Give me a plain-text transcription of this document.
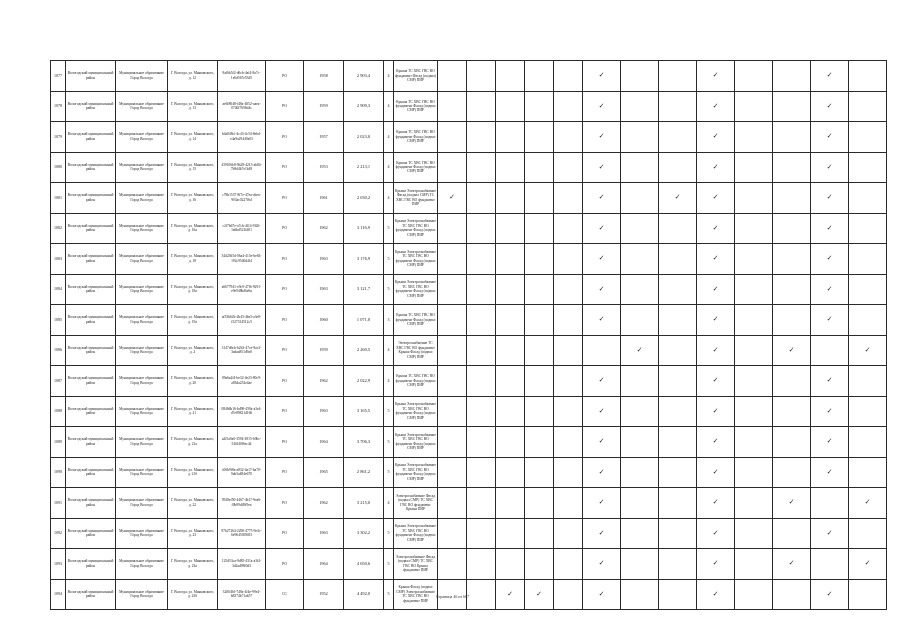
1077	Вологодский муниципальный район	Муниципальное образование Город Вологда	Г. Вологда, ул. Маяковского, д. 12	8af6b5f2-d6cb-4af4-8a7c-1e6d567e53d5	РО	1958	2 903,4	4	Крыша ТС ХВС ГВС ВО фундамент Фасад (подвал) СМР) ПИР						✓			✓			✓		
1078	Вологодский муниципальный район	Муниципальное образование Город Вологда	Г. Вологда, ул. Маяковского, д. 13	ae6f8048-f48a-4052-aaea-0740f7696d4c	РО	1959	2 909,3	4	Крыша ТС ХВС ГВС ВО фундамент Фасад (подвал СМР) ПИР						✓			✓			✓		
1079	Вологодский муниципальный район	Муниципальное образование Город Вологда	Г. Вологда, ул. Маяковского, д. 14	b4a848cf-4c43-4c54-8ebd-e4a9a29449a03	РО	1957	2 023,0	4	Крыша ТС ХВС ГВС ВО фундамент Фасад (подвал СМР) ПИР						✓			✓			✓		
1080	Вологодский муниципальный район	Муниципальное образование Город Вологда	Г. Вологда, ул. Маяковского, д. 15	439106b0-9b28-4213-ab84-7b9d4b7e1b49	РО	1953	2 213,1	4	Крыша ТС ХВС ГВС ВО фундамент Фасад (подвал СМР) ПИР						✓			✓			✓		
1081	Вологодский муниципальный район	Муниципальное образование Город Вологда	Г. Вологда, ул. Маяковского, д. 16	c78b1537-8f7e-47ea-abea-903ac0227f6d	РО	1961	2 030,2	4	Крыша Электроснабжение Фасад (подвал СМР) ТС ХВС ГВС ВО фундамент ПИР	✓					✓		✓	✓			✓		
1082	Вологодский муниципальный район	Муниципальное образование Город Вологда	Г. Вологда, ул. Маяковского, д. 16а	c2f7b67e-a7cb-4f14-9f26-1a6bd521fd01	РО	1962	3 116,9	5	Крыша Электроснабжение ТС ХВС ГВС ВО фундамент Фасад (подвал СМР) ПИР						✓			✓			✓		
1083	Вологодский муниципальный район	Муниципальное образование Город Вологда	Г. Вологда, ул. Маяковского, д. 18	34d2365d-06a4-413e-be84-192c9540d4f4	РО	1963	3 176,9	5	Крыша Электроснабжение ТС ХВС ГВС ВО фундамент Фасад (подвал СМР) ПИР						✓			✓			✓		
1084	Вологодский муниципальный район	Муниципальное образование Город Вологда	Г. Вологда, ул. Маяковского, д. 18а	a6677941-e9c9-47f6-9291-e9e948bd6e6a	РО	1963	3 121,7	5	Крыша Электроснабжение ТС ХВС ГВС ВО фундамент Фасад (подвал СМР) ПИР						✓			✓			✓		
1085	Вологодский муниципальный район	Муниципальное образование Город Вологда	Г. Вологда, ул. Маяковского, д. 19а	af53b62b-2b43-4be3-a3e8-f327314512c5	РО	1960	1 071,0	3	Крыша ТС ХВС ГВС ВО фундамент Фасад (подвал СМР) ПИР						✓			✓			✓		
1086	Вологодский муниципальный район	Муниципальное образование Город Вологда	Г. Вологда, ул. Маяковского, д. 2	3147d6cb-b2b3-47ce-9ac3-3adaa851d9a0	РО	1959	2 260,5	4	Электроснабжение ТС ХВС ГВС ВО фундамент Крыша Фасад (подвал СМР) ПИР							✓		✓		✓		✓	
1087	Вологодский муниципальный район	Муниципальное образование Город Вологда	Г. Вологда, ул. Маяковского, д. 20	09a6a2f4-be32-4e23-80c9-a83da252e4ae	РО	1962	2 022,9	4	Крыша ТС ХВС ГВС ВО фундамент Фасад (подвал СМР) ПИР						✓			✓			✓		
1088	Вологодский муниципальный район	Муниципальное образование Город Вологда	Г. Вологда, ул. Маяковского, д. 21	08466b16-bd98-458a-a3e4-d7e89821d166	РО	1963	3 165,5	5	Крыша Электроснабжение ТС ХВС ГВС ВО фундамент Фасад (подвал СМР) ПИР						✓			✓			✓		
1089	Вологодский муниципальный район	Муниципальное образование Город Вологда	Г. Вологда, ул. Маяковского, д. 21а	a2f5a9a0-3594-4915-b9bc-526f40f6ec44	РО	1964	3 706,3	5	Крыша Электроснабжение ТС ХВС ГВС ВО фундамент Фасад (подвал СМР) ПИР						✓			✓			✓		
1090	Вологодский муниципальный район	Муниципальное образование Город Вологда	Г. Вологда, ул. Маяковского, д. 21б	c06b9f8a-a832-4a17-ba70-9ab5a484e670	РО	1965	2 861,2	5	Крыша Электроснабжение ТС ХВС ГВС ВО фундамент Фасад (подвал СМР) ПИР						✓			✓			✓		
1091	Вологодский муниципальный район	Муниципальное образование Город Вологда	Г. Вологда, ул. Маяковского, д. 22	5928ef50-4467-4b17-9ea6-f0b99d49f9ea	РО	1962	3 215,0	4	Электроснабжение Фасад (подвал СМР) ТС ХВС ГВС ВО фундамент Крыша ПИР						✓			✓		✓		✓	
1092	Вологодский муниципальный район	Муниципальное образование Город Вологда	Г. Вологда, ул. Маяковского, д. 23	97b27264-2290-4775-9e4c-6e96450f5683	РО	1963	3 302,2	5	Крыша Электроснабжение ТС ХВС ГВС ВО фундамент Фасад (подвал СМР) ПИР						✓			✓			✓		
1093	Вологодский муниципальный район	Муниципальное образование Город Вологда	Г. Вологда, ул. Маяковского, д. 23а	125d53ca-9d85-431a-a3f4-3d2ad98f0d3	РО	1964	4 650,6	5	Электроснабжение Фасад (подвал СМР) ТС ХВС ГВС ВО Крыша фундамент ПИР						✓			✓		✓		✓	
1094	Вологодский муниципальный район	Муниципальное образование Город Вологда	Г. Вологда, ул. Маяковского, д. 23б	32f0f46f-748a-4f4e-99e4-b8374b71ab57	СС	1952	4 492,0	5	Крыша Фасад (подвал СМР) Электроснабжение ТС ХВС ГВС ВО фундамент ПИР			✓	✓		✓			✓			✓		
Страница 46 из 667
